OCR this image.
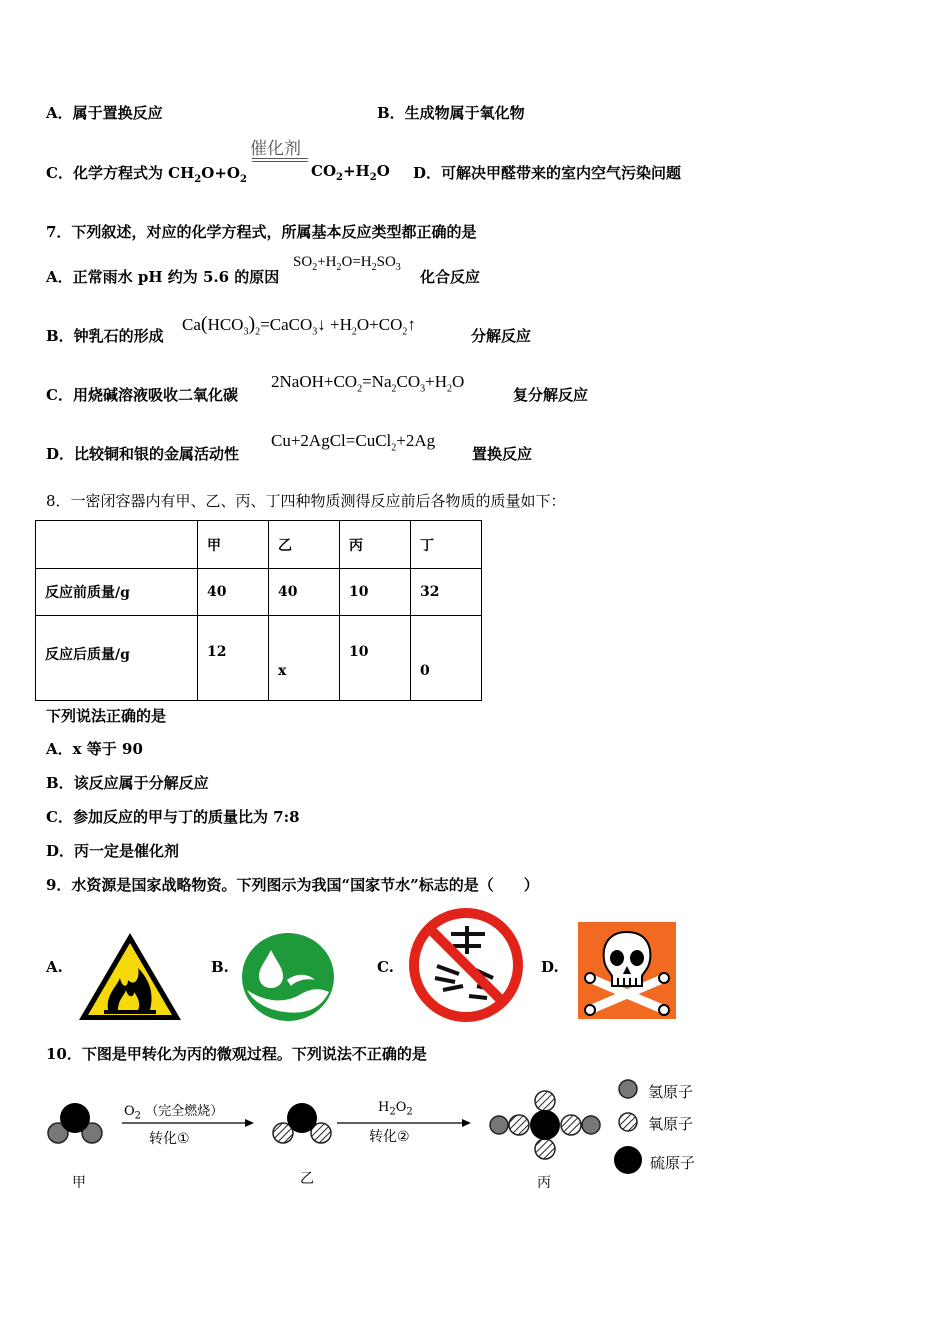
A．属于置换反应	B．生成物属于氧化物
C．化学方程式为 $CH_2O+O_2$
催化剂
$CO_2+H_2O$ D．可解决甲醛带来的室内空气污染问题
7．下列叙述，对应的化学方程式，所属基本反应类型都正确的是
A．正常雨水 pH 约为 5.6 的原因
$SO_2+H_2O=H_2SO_3$
化合反应
B．钟乳石的形成
$Ca(HCO_3)_2=CaCO_3↓$ $+H_2O+CO_2↑$
分解反应
C．用烧碱溶液吸收二氧化碳
$2NaOH+CO_2=Na_2CO_3+H_2O$
复分解反应
D．比较铜和银的金属活动性
Cu+2AgCl=CuCl$_2$+2Ag
置换反应
8．一密闭容器内有甲、乙、丙、丁四种物质测得反应前后各物质的质量如下：
	甲	乙	丙	丁
反应前质量/g	40	40	10	32
反应后质量/g	12	x	10	0
下列说法正确的是
A．x 等于 90
B．该反应属于分解反应
C．参加反应的甲与丁的质量比为 7:8
D．丙一定是催化剂
9．水资源是国家战略物资。下列图示为我国“国家节水”标志的是（　　）
A.	B.	C.	D.
10．下图是甲转化为丙的微观过程。下列说法不正确的是
$O_2$ （完全燃烧）
转化①
$H_2O_2$
转化②
甲	乙	丙
氢原子
氧原子
硫原子
